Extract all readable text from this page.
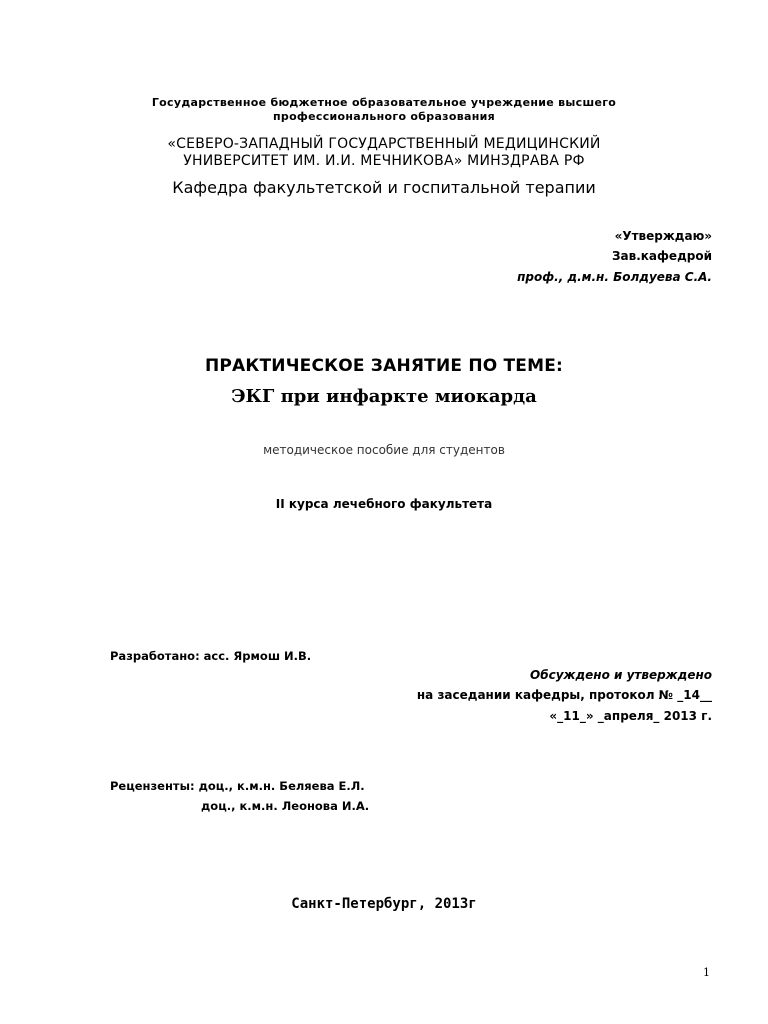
Государственное бюджетное образовательное учреждение высшего
профессионального образования
«СЕВЕРО-ЗАПАДНЫЙ ГОСУДАРСТВЕННЫЙ МЕДИЦИНСКИЙ
УНИВЕРСИТЕТ ИМ. И.И. МЕЧНИКОВА» МИНЗДРАВА РФ
Кафедра факультетской и госпитальной терапии
«Утверждаю»
Зав.кафедрой
проф., д.м.н. Болдуева С.А.
ПРАКТИЧЕСКОЕ ЗАНЯТИЕ ПО ТЕМЕ:
ЭКГ при инфаркте миокарда
методическое пособие для студентов
II курса лечебного факультета
Разработано: асс. Ярмош И.В.
Обсуждено и утверждено
на заседании кафедры, протокол № _14__
«_11_» _апреля_ 2013 г.
Рецензенты: доц., к.м.н. Беляева Е.Л.
доц., к.м.н. Леонова И.А.
Санкт-Петербург, 2013г
1
